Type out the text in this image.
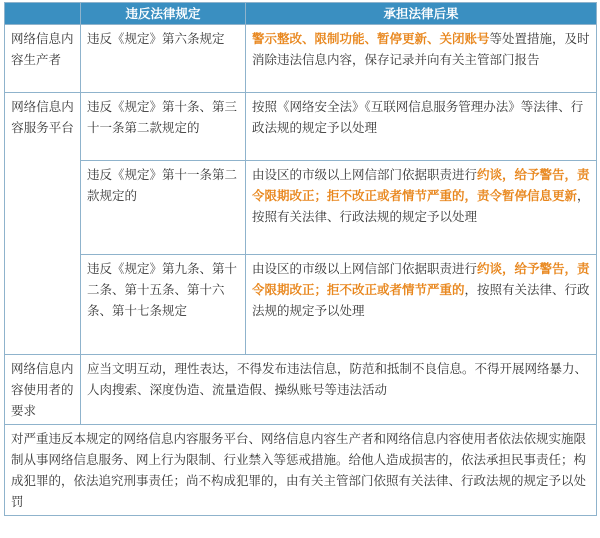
	违反法律规定	承担法律后果
网络信息内容生产者	违反《规定》第六条规定	警示整改、限制功能、暂停更新、关闭账号等处置措施，及时消除违法信息内容，保存记录并向有关主管部门报告
网络信息内容服务平台	违反《规定》第十条、第三十一条第二款规定的	按照《网络安全法》《互联网信息服务管理办法》等法律、行政法规的规定予以处理
	违反《规定》第十一条第二款规定的	由设区的市级以上网信部门依据职责进行约谈，给予警告，责令限期改正；拒不改正或者情节严重的，责令暂停信息更新，按照有关法律、行政法规的规定予以处理
	违反《规定》第九条、第十二条、第十五条、第十六条、第十七条规定	由设区的市级以上网信部门依据职责进行约谈，给予警告，责令限期改正；拒不改正或者情节严重的，按照有关法律、行政法规的规定予以处理
网络信息内容使用者的要求	应当文明互动，理性表达，不得发布违法信息，防范和抵制不良信息。不得开展网络暴力、人肉搜索、深度伪造、流量造假、操纵账号等违法活动	
对严重违反本规定的网络信息内容服务平台、网络信息内容生产者和网络信息内容使用者依法依规实施限制从事网络信息服务、网上行为限制、行业禁入等惩戒措施。给他人造成损害的，依法承担民事责任；构成犯罪的，依法追究刑事责任；尚不构成犯罪的，由有关主管部门依照有关法律、行政法规的规定予以处罚		
